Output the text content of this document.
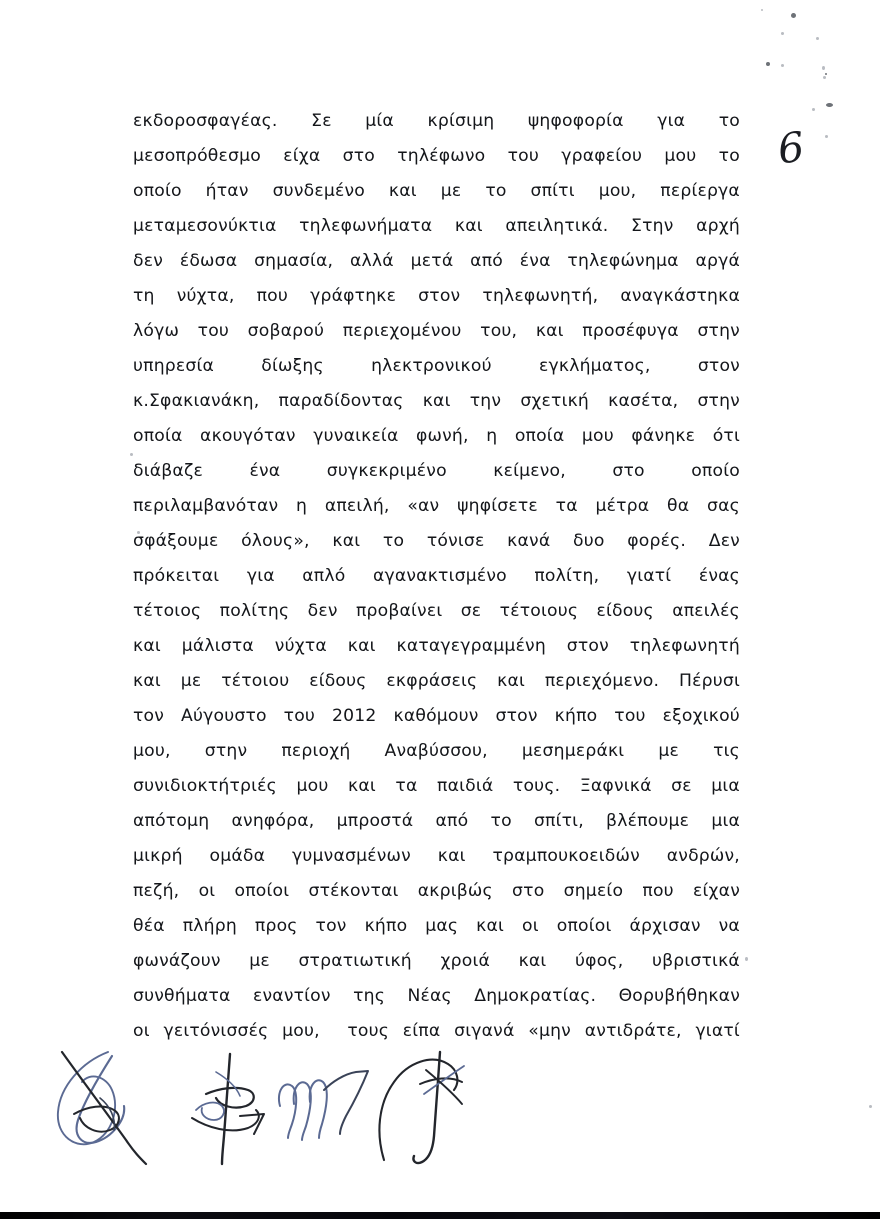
εκδοροσφαγέας. Σε μία κρίσιμη ψηφοφορία για το
μεσοπρόθεσμο είχα στο τηλέφωνο του γραφείου μου το
οποίο ήταν συνδεμένο και με το σπίτι μου, περίεργα
μεταμεσονύκτια τηλεφωνήματα και απειλητικά. Στην αρχή
δεν έδωσα σημασία, αλλά μετά από ένα τηλεφώνημα αργά
τη νύχτα, που γράφτηκε στον τηλεφωνητή, αναγκάστηκα
λόγω του σοβαρού περιεχομένου του, και προσέφυγα στην
υπηρεσία	δίωξης	ηλεκτρονικού	εγκλήματος,	στον
κ.Σφακιανάκη, παραδίδοντας και την σχετική κασέτα, στην
οποία ακουγόταν γυναικεία φωνή, η οποία μου φάνηκε ότι
διάβαζε	ένα	συγκεκριμένο	κείμενο,	στο	οποίο
περιλαμβανόταν η απειλή, «αν ψηφίσετε τα μέτρα θα σας
σφάξουμε όλους», και το τόνισε κανά δυο φορές. Δεν
πρόκειται για απλό αγανακτισμένο πολίτη, γιατί ένας
τέτοιος πολίτης δεν προβαίνει σε τέτοιους είδους απειλές
και μάλιστα νύχτα και καταγεγραμμένη στον τηλεφωνητή
και με τέτοιου είδους εκφράσεις και περιεχόμενο. Πέρυσι
τον Αύγουστο του 2012 καθόμουν στον κήπο του εξοχικού
μου, στην περιοχή Αναβύσσου, μεσημεράκι με τις
συνιδιοκτήτριές μου και τα παιδιά τους. Ξαφνικά σε μια
απότομη ανηφόρα, μπροστά από το σπίτι, βλέπουμε μια
μικρή ομάδα γυμνασμένων και τραμπουκοειδών ανδρών,
πεζή, οι οποίοι στέκονται ακριβώς στο σημείο που είχαν
θέα πλήρη προς τον κήπο μας και οι οποίοι άρχισαν να
φωνάζουν με στρατιωτική χροιά και ύφος, υβριστικά
συνθήματα εναντίον της Νέας Δημοκρατίας. Θορυβήθηκαν
οι γειτόνισσές μου, τους είπα σιγανά «μην αντιδράτε, γιατί
6
